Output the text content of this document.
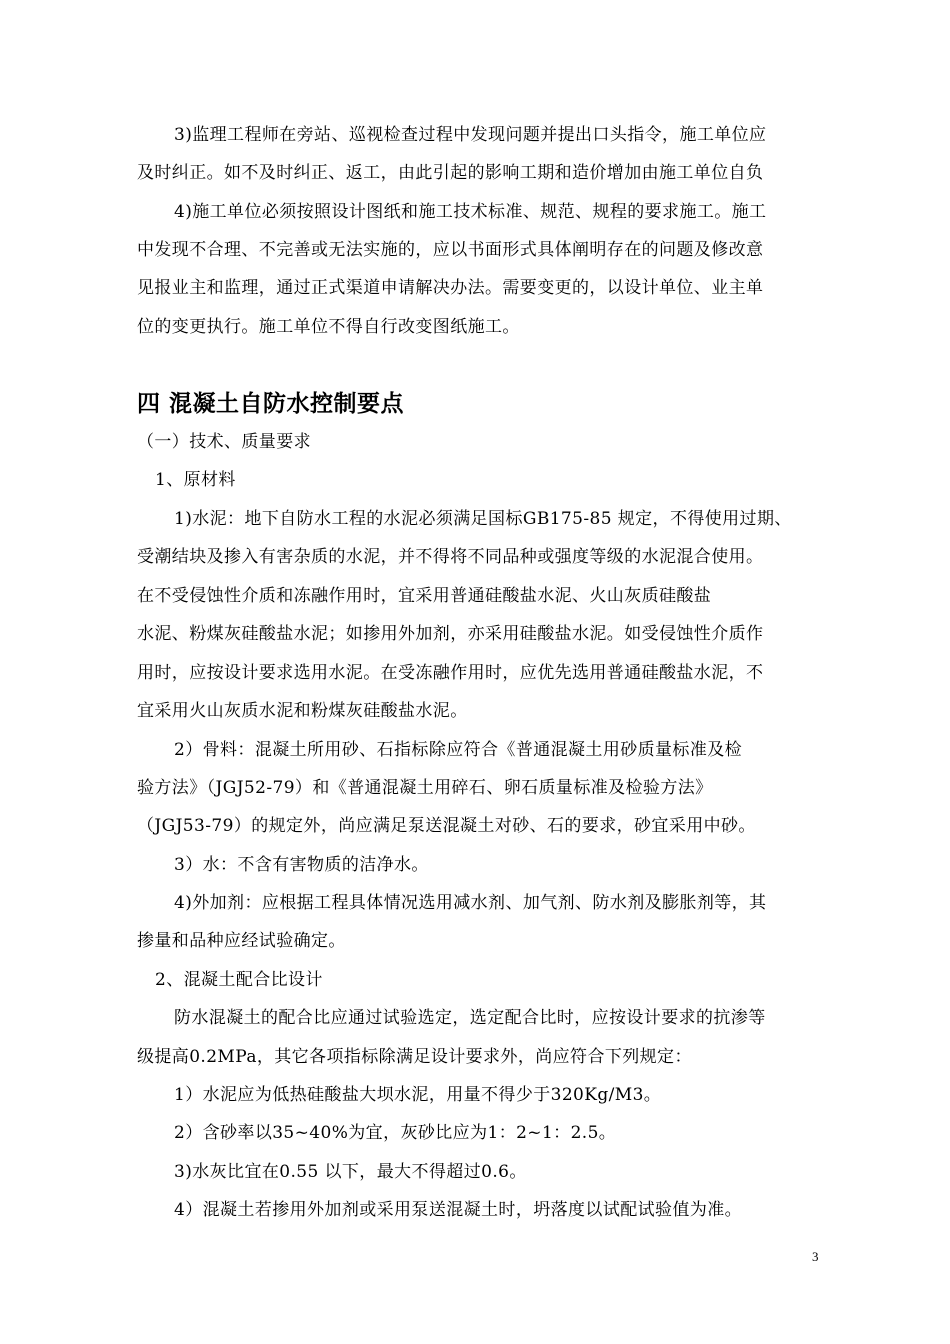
3)监理工程师在旁站、巡视检查过程中发现问题并提出口头指令，施工单位应
及时纠正。如不及时纠正、返工，由此引起的影响工期和造价增加由施工单位自负
4)施工单位必须按照设计图纸和施工技术标准、规范、规程的要求施工。施工
中发现不合理、不完善或无法实施的，应以书面形式具体阐明存在的问题及修改意
见报业主和监理，通过正式渠道申请解决办法。需要变更的，以设计单位、业主单
位的变更执行。施工单位不得自行改变图纸施工。
四 混凝土自防水控制要点
（一）技术、质量要求
1、原材料
1)水泥：地下自防水工程的水泥必须满足国标GB175-85 规定，不得使用过期、
受潮结块及掺入有害杂质的水泥，并不得将不同品种或强度等级的水泥混合使用。
在不受侵蚀性介质和冻融作用时，宜采用普通硅酸盐水泥、火山灰质硅酸盐
水泥、粉煤灰硅酸盐水泥；如掺用外加剂，亦采用硅酸盐水泥。如受侵蚀性介质作
用时，应按设计要求选用水泥。在受冻融作用时，应优先选用普通硅酸盐水泥，不
宜采用火山灰质水泥和粉煤灰硅酸盐水泥。
2）骨料：混凝土所用砂、石指标除应符合《普通混凝土用砂质量标准及检
验方法》（JGJ52-79）和《普通混凝土用碎石、卵石质量标准及检验方法》
（JGJ53-79）的规定外，尚应满足泵送混凝土对砂、石的要求，砂宜采用中砂。
3）水：不含有害物质的洁净水。
4)外加剂：应根据工程具体情况选用减水剂、加气剂、防水剂及膨胀剂等，其
掺量和品种应经试验确定。
2、混凝土配合比设计
防水混凝土的配合比应通过试验选定，选定配合比时，应按设计要求的抗渗等
级提高0.2MPa，其它各项指标除满足设计要求外，尚应符合下列规定：
1）水泥应为低热硅酸盐大坝水泥，用量不得少于320Kg/M3。
2）含砂率以35~40%为宜，灰砂比应为1：2~1：2.5。
3)水灰比宜在0.55 以下，最大不得超过0.6。
4）混凝土若掺用外加剂或采用泵送混凝土时，坍落度以试配试验值为准。
3
